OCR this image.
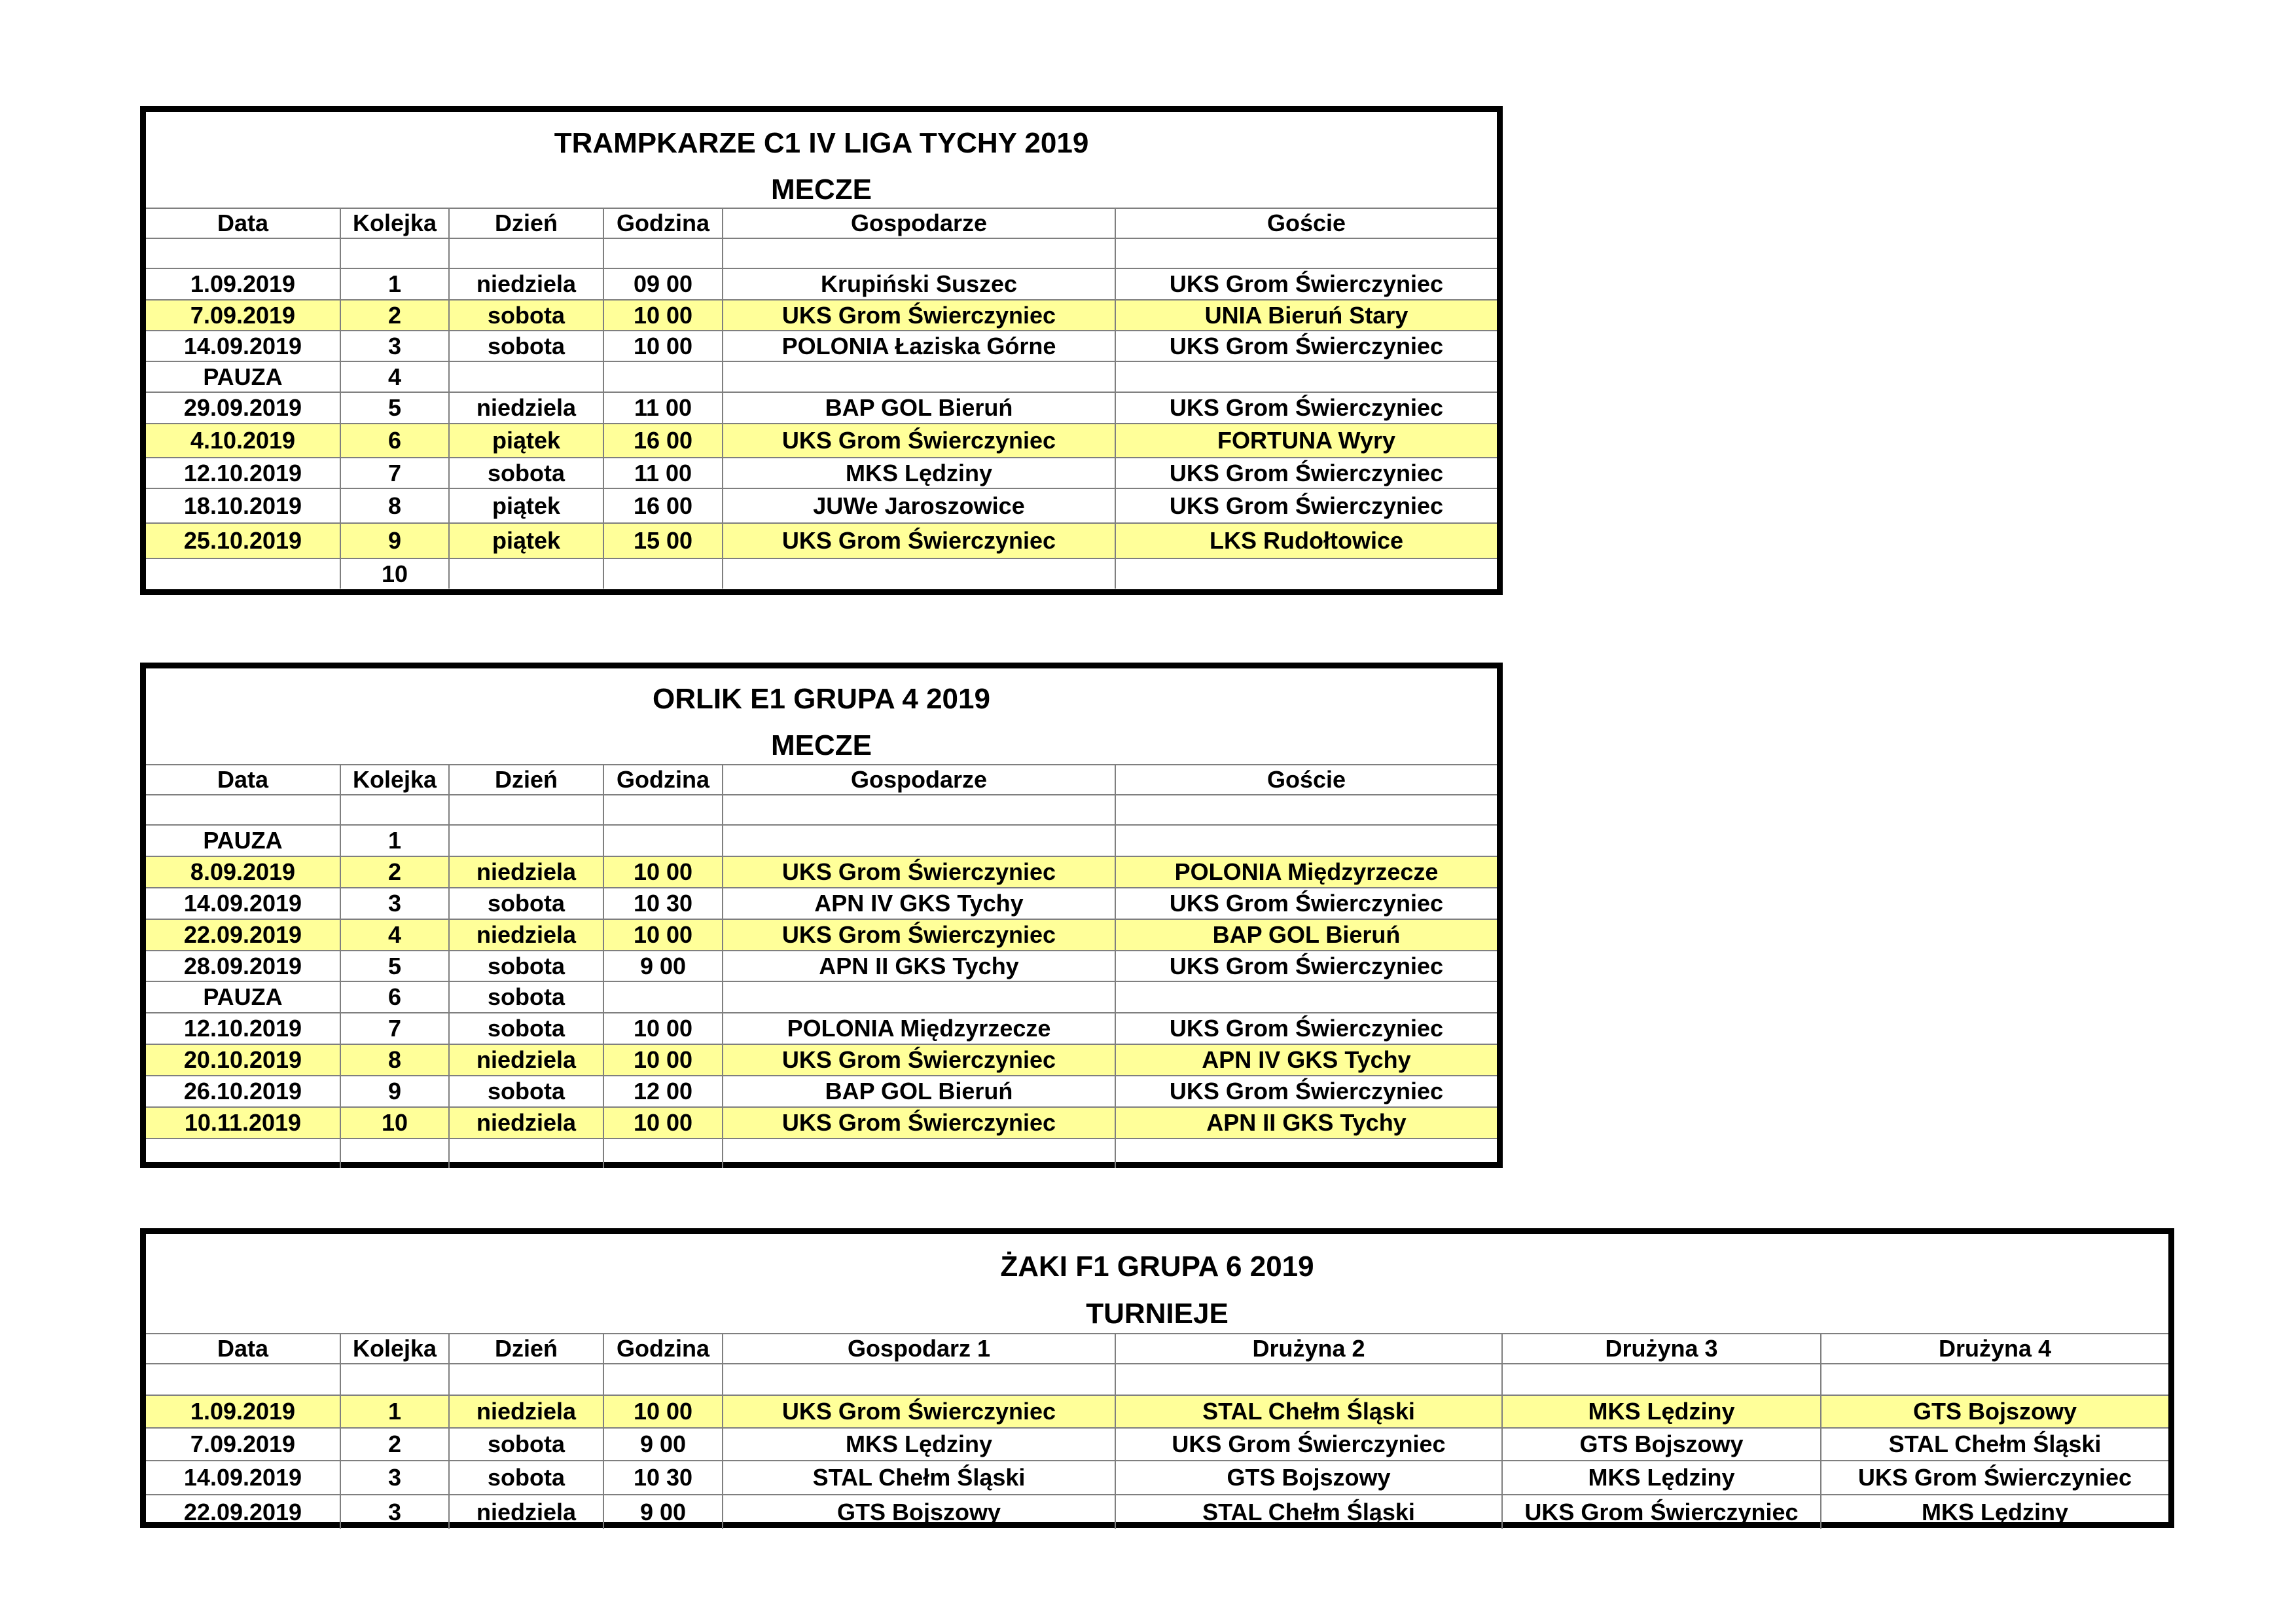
TRAMPKARZE C1 IV LIGA TYCHY 2019
MECZE
Data	Kolejka	Dzień	Godzina	Gospodarze	Goście

1.09.2019	1	niedziela	09 00	Krupiński Suszec	UKS Grom Świerczyniec
7.09.2019	2	sobota	10 00	UKS Grom Świerczyniec	UNIA Bieruń Stary
14.09.2019	3	sobota	10 00	POLONIA Łaziska Górne	UKS Grom Świerczyniec
PAUZA	4				
29.09.2019	5	niedziela	11 00	BAP GOL Bieruń	UKS Grom Świerczyniec
4.10.2019	6	piątek	16 00	UKS Grom Świerczyniec	FORTUNA Wyry
12.10.2019	7	sobota	11 00	MKS Lędziny	UKS Grom Świerczyniec
18.10.2019	8	piątek	16 00	JUWe Jaroszowice	UKS Grom Świerczyniec
25.10.2019	9	piątek	15 00	UKS Grom Świerczyniec	LKS Rudołtowice
	10				
ORLIK E1 GRUPA 4 2019
MECZE
Data	Kolejka	Dzień	Godzina	Gospodarze	Goście

PAUZA	1				
8.09.2019	2	niedziela	10 00	UKS Grom Świerczyniec	POLONIA Międzyrzecze
14.09.2019	3	sobota	10 30	APN IV GKS Tychy	UKS Grom Świerczyniec
22.09.2019	4	niedziela	10 00	UKS Grom Świerczyniec	BAP GOL Bieruń
28.09.2019	5	sobota	9 00	APN II GKS Tychy	UKS Grom Świerczyniec
PAUZA	6	sobota			
12.10.2019	7	sobota	10 00	POLONIA Międzyrzecze	UKS Grom Świerczyniec
20.10.2019	8	niedziela	10 00	UKS Grom Świerczyniec	APN IV GKS Tychy
26.10.2019	9	sobota	12 00	BAP GOL Bieruń	UKS Grom Świerczyniec
10.11.2019	10	niedziela	10 00	UKS Grom Świerczyniec	APN II GKS Tychy

ŻAKI F1 GRUPA 6 2019
TURNIEJE
Data	Kolejka	Dzień	Godzina	Gospodarz 1	Drużyna 2	Drużyna 3	Drużyna 4

1.09.2019	1	niedziela	10 00	UKS Grom Świerczyniec	STAL Chełm Śląski	MKS Lędziny	GTS Bojszowy
7.09.2019	2	sobota	9 00	MKS Lędziny	UKS Grom Świerczyniec	GTS Bojszowy	STAL Chełm Śląski
14.09.2019	3	sobota	10 30	STAL Chełm Śląski	GTS Bojszowy	MKS Lędziny	UKS Grom Świerczyniec
22.09.2019	3	niedziela	9 00	GTS Bojszowy	STAL Chełm Śląski	UKS Grom Świerczyniec	MKS Lędziny
